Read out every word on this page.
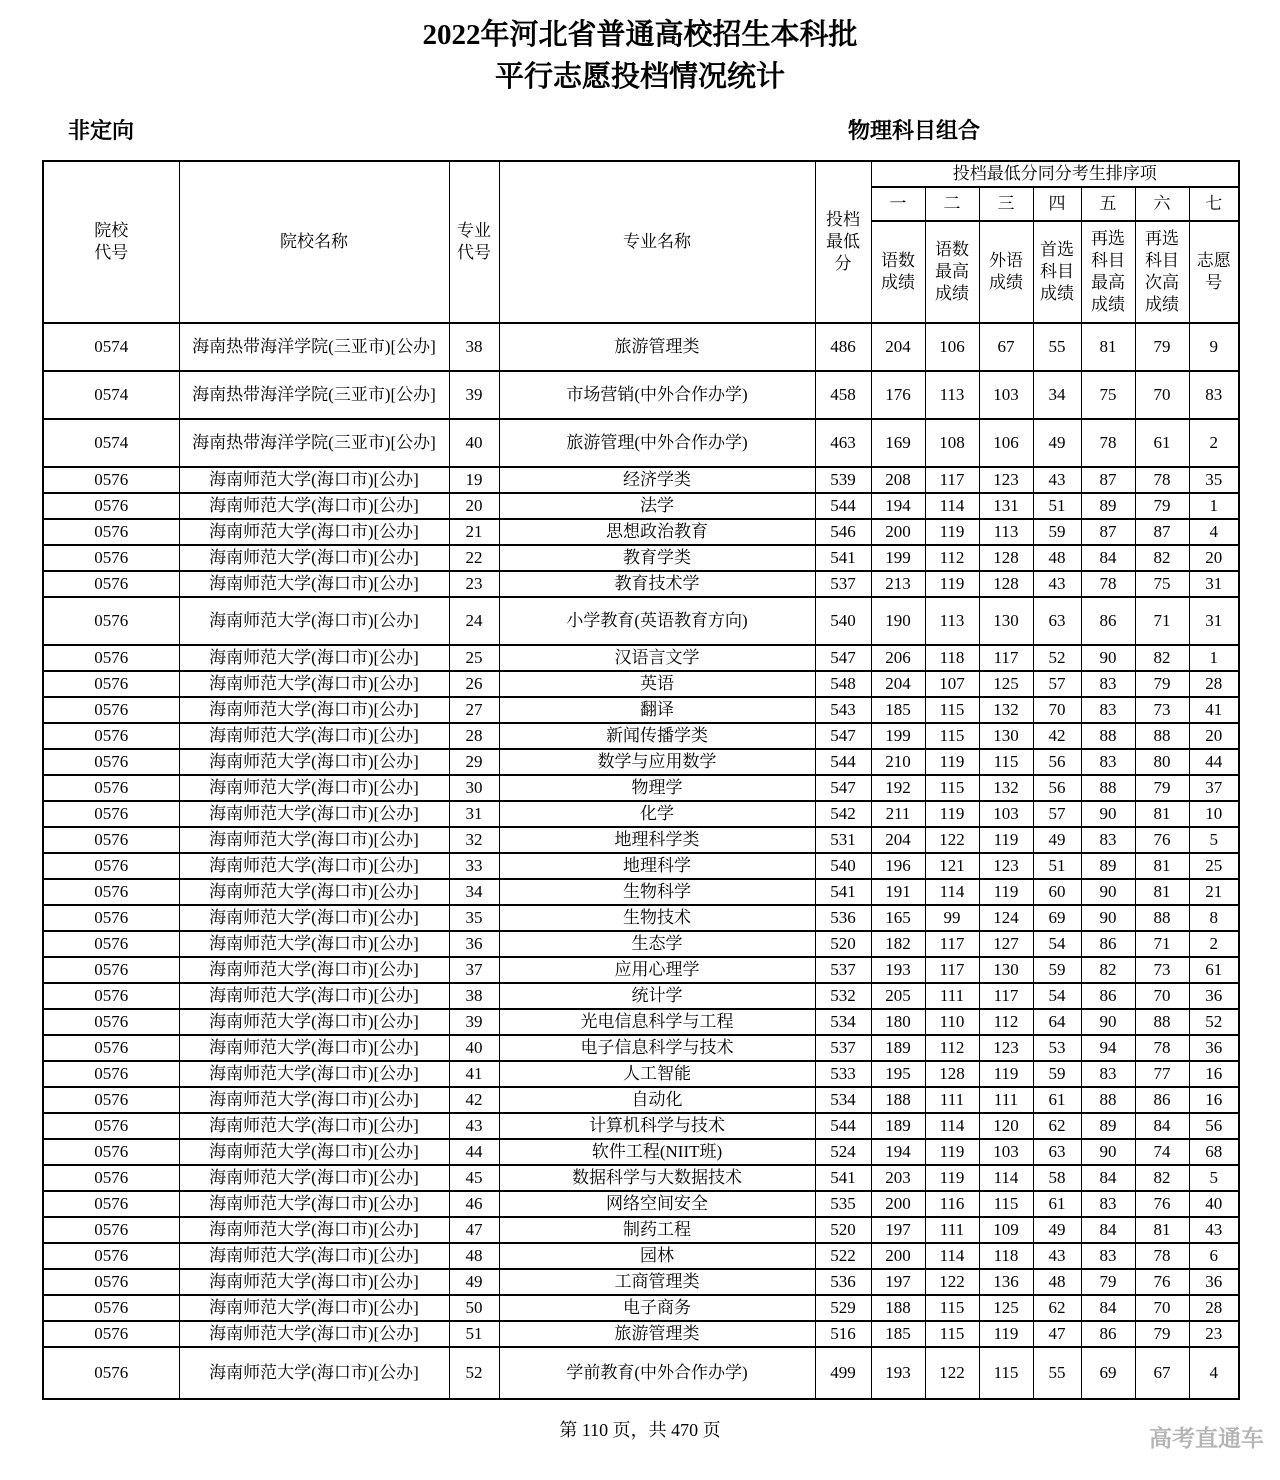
2022年河北省普通高校招生本科批
平行志愿投档情况统计
非定向	物理科目组合
院校代号	院校名称	专业代号	专业名称	投档最低分	投档最低分同分考生排序项						
					一	二	三	四	五	六	七
					语数成绩	语数最高成绩	外语成绩	首选科目成绩	再选科目最高成绩	再选科目次高成绩	志愿号
0574	海南热带海洋学院(三亚市)[公办]	38	旅游管理类	486	204	106	67	55	81	79	9
0574	海南热带海洋学院(三亚市)[公办]	39	市场营销(中外合作办学)	458	176	113	103	34	75	70	83
0574	海南热带海洋学院(三亚市)[公办]	40	旅游管理(中外合作办学)	463	169	108	106	49	78	61	2
0576	海南师范大学(海口市)[公办]	19	经济学类	539	208	117	123	43	87	78	35
0576	海南师范大学(海口市)[公办]	20	法学	544	194	114	131	51	89	79	1
0576	海南师范大学(海口市)[公办]	21	思想政治教育	546	200	119	113	59	87	87	4
0576	海南师范大学(海口市)[公办]	22	教育学类	541	199	112	128	48	84	82	20
0576	海南师范大学(海口市)[公办]	23	教育技术学	537	213	119	128	43	78	75	31
0576	海南师范大学(海口市)[公办]	24	小学教育(英语教育方向)	540	190	113	130	63	86	71	31
0576	海南师范大学(海口市)[公办]	25	汉语言文学	547	206	118	117	52	90	82	1
0576	海南师范大学(海口市)[公办]	26	英语	548	204	107	125	57	83	79	28
0576	海南师范大学(海口市)[公办]	27	翻译	543	185	115	132	70	83	73	41
0576	海南师范大学(海口市)[公办]	28	新闻传播学类	547	199	115	130	42	88	88	20
0576	海南师范大学(海口市)[公办]	29	数学与应用数学	544	210	119	115	56	83	80	44
0576	海南师范大学(海口市)[公办]	30	物理学	547	192	115	132	56	88	79	37
0576	海南师范大学(海口市)[公办]	31	化学	542	211	119	103	57	90	81	10
0576	海南师范大学(海口市)[公办]	32	地理科学类	531	204	122	119	49	83	76	5
0576	海南师范大学(海口市)[公办]	33	地理科学	540	196	121	123	51	89	81	25
0576	海南师范大学(海口市)[公办]	34	生物科学	541	191	114	119	60	90	81	21
0576	海南师范大学(海口市)[公办]	35	生物技术	536	165	99	124	69	90	88	8
0576	海南师范大学(海口市)[公办]	36	生态学	520	182	117	127	54	86	71	2
0576	海南师范大学(海口市)[公办]	37	应用心理学	537	193	117	130	59	82	73	61
0576	海南师范大学(海口市)[公办]	38	统计学	532	205	111	117	54	86	70	36
0576	海南师范大学(海口市)[公办]	39	光电信息科学与工程	534	180	110	112	64	90	88	52
0576	海南师范大学(海口市)[公办]	40	电子信息科学与技术	537	189	112	123	53	94	78	36
0576	海南师范大学(海口市)[公办]	41	人工智能	533	195	128	119	59	83	77	16
0576	海南师范大学(海口市)[公办]	42	自动化	534	188	111	111	61	88	86	16
0576	海南师范大学(海口市)[公办]	43	计算机科学与技术	544	189	114	120	62	89	84	56
0576	海南师范大学(海口市)[公办]	44	软件工程(NIIT班)	524	194	119	103	63	90	74	68
0576	海南师范大学(海口市)[公办]	45	数据科学与大数据技术	541	203	119	114	58	84	82	5
0576	海南师范大学(海口市)[公办]	46	网络空间安全	535	200	116	115	61	83	76	40
0576	海南师范大学(海口市)[公办]	47	制药工程	520	197	111	109	49	84	81	43
0576	海南师范大学(海口市)[公办]	48	园林	522	200	114	118	43	83	78	6
0576	海南师范大学(海口市)[公办]	49	工商管理类	536	197	122	136	48	79	76	36
0576	海南师范大学(海口市)[公办]	50	电子商务	529	188	115	125	62	84	70	28
0576	海南师范大学(海口市)[公办]	51	旅游管理类	516	185	115	119	47	86	79	23
0576	海南师范大学(海口市)[公办]	52	学前教育(中外合作办学)	499	193	122	115	55	69	67	4
第 110 页，共 470 页	高考直通车
